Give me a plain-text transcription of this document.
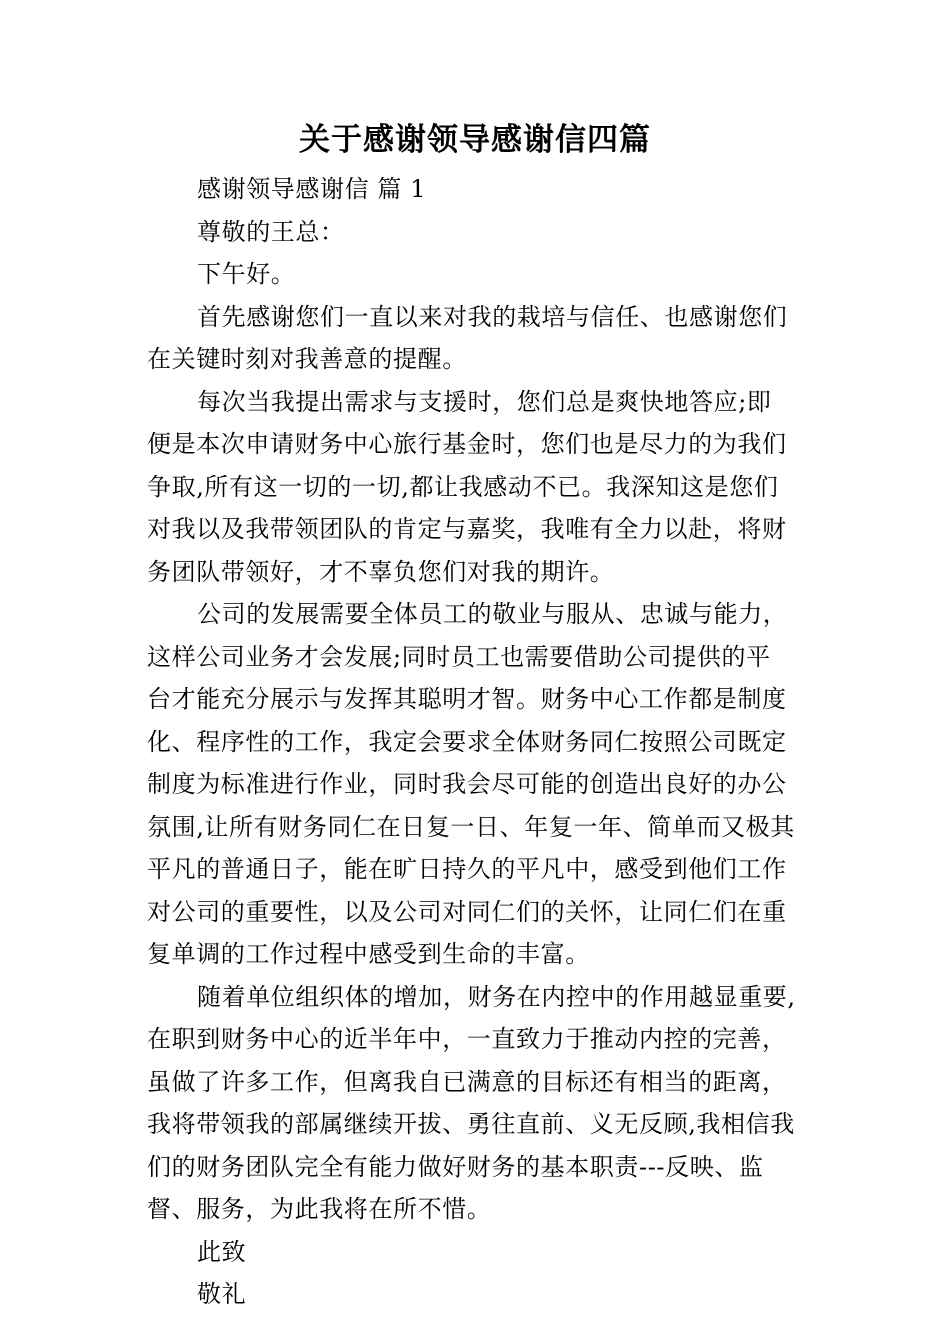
关于感谢领导感谢信四篇
感谢领导感谢信 篇 1
尊敬的王总：
下午好。
首先感谢您们一直以来对我的栽培与信任、也感谢您们
在关键时刻对我善意的提醒。
每次当我提出需求与支援时，您们总是爽快地答应;即
便是本次申请财务中心旅行基金时，您们也是尽力的为我们
争取,所有这一切的一切,都让我感动不已。我深知这是您们
对我以及我带领团队的肯定与嘉奖，我唯有全力以赴，将财
务团队带领好，才不辜负您们对我的期许。
公司的发展需要全体员工的敬业与服从、忠诚与能力，
这样公司业务才会发展;同时员工也需要借助公司提供的平
台才能充分展示与发挥其聪明才智。财务中心工作都是制度
化、程序性的工作，我定会要求全体财务同仁按照公司既定
制度为标准进行作业，同时我会尽可能的创造出良好的办公
氛围,让所有财务同仁在日复一日、年复一年、简单而又极其
平凡的普通日子，能在旷日持久的平凡中，感受到他们工作
对公司的重要性，以及公司对同仁们的关怀，让同仁们在重
复单调的工作过程中感受到生命的丰富。
随着单位组织体的增加，财务在内控中的作用越显重要,
在职到财务中心的近半年中，一直致力于推动内控的完善，
虽做了许多工作，但离我自已满意的目标还有相当的距离，
我将带领我的部属继续开拔、勇往直前、义无反顾,我相信我
们的财务团队完全有能力做好财务的基本职责---反映、监
督、服务，为此我将在所不惜。
此致
敬礼
